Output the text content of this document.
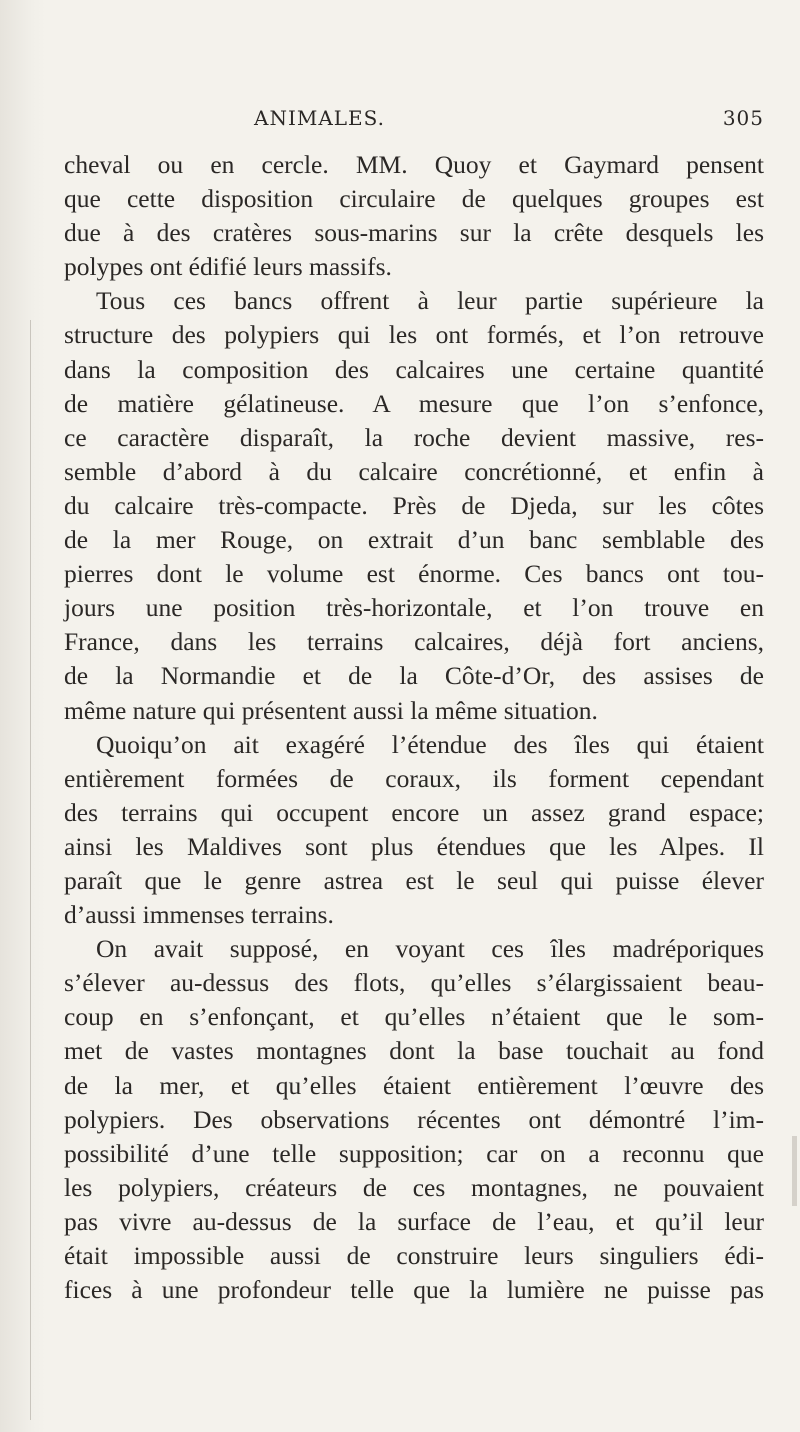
ANIMALES.	305
cheval ou en cercle. MM. Quoy et Gaymard pensent
que cette disposition circulaire de quelques groupes est
due à des cratères sous-marins sur la crête desquels les
polypes ont édifié leurs massifs.
Tous ces bancs offrent à leur partie supérieure la
structure des polypiers qui les ont formés, et l’on retrouve
dans la composition des calcaires une certaine quantité
de matière gélatineuse. A mesure que l’on s’enfonce,
ce caractère disparaît, la roche devient massive, res-
semble d’abord à du calcaire concrétionné, et enfin à
du calcaire très-compacte. Près de Djeda, sur les côtes
de la mer Rouge, on extrait d’un banc semblable des
pierres dont le volume est énorme. Ces bancs ont tou-
jours une position très-horizontale, et l’on trouve en
France, dans les terrains calcaires, déjà fort anciens,
de la Normandie et de la Côte-d’Or, des assises de
même nature qui présentent aussi la même situation.
Quoiqu’on ait exagéré l’étendue des îles qui étaient
entièrement formées de coraux, ils forment cependant
des terrains qui occupent encore un assez grand espace;
ainsi les Maldives sont plus étendues que les Alpes. Il
paraît que le genre astrea est le seul qui puisse élever
d’aussi immenses terrains.
On avait supposé, en voyant ces îles madréporiques
s’élever au-dessus des flots, qu’elles s’élargissaient beau-
coup en s’enfonçant, et qu’elles n’étaient que le som-
met de vastes montagnes dont la base touchait au fond
de la mer, et qu’elles étaient entièrement l’œuvre des
polypiers. Des observations récentes ont démontré l’im-
possibilité d’une telle supposition; car on a reconnu que
les polypiers, créateurs de ces montagnes, ne pouvaient
pas vivre au-dessus de la surface de l’eau, et qu’il leur
était impossible aussi de construire leurs singuliers édi-
fices à une profondeur telle que la lumière ne puisse pas
